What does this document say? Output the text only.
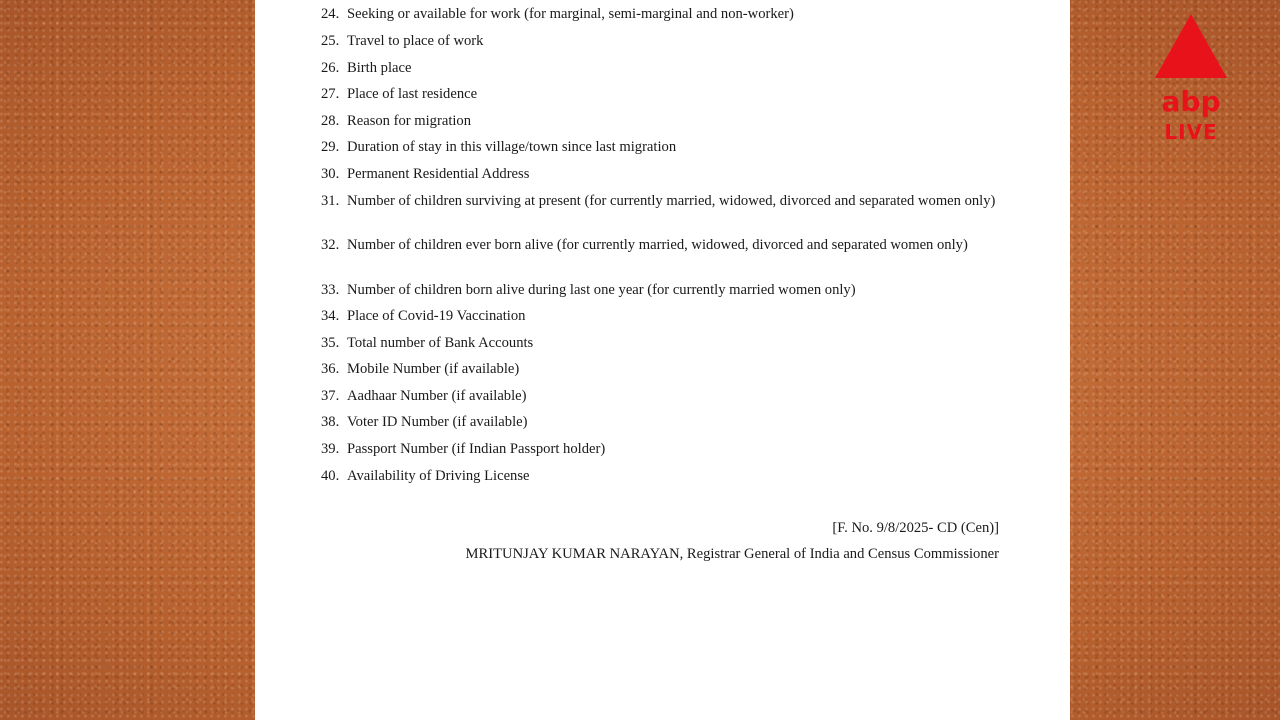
24. Seeking or available for work (for marginal, semi-marginal and non-worker)
25. Travel to place of work
26. Birth place
27. Place of last residence
28. Reason for migration
29. Duration of stay in this village/town since last migration
30. Permanent Residential Address
31. Number of children surviving at present (for currently married, widowed, divorced and separated women only)
32. Number of children ever born alive (for currently married, widowed, divorced and separated women only)
33. Number of children born alive during last one year (for currently married women only)
34. Place of Covid-19 Vaccination
35. Total number of Bank Accounts
36. Mobile Number (if available)
37. Aadhaar Number (if available)
38. Voter ID Number (if available)
39. Passport Number (if Indian Passport holder)
40. Availability of Driving License
[F. No. 9/8/2025- CD (Cen)]
MRITUNJAY KUMAR NARAYAN, Registrar General of India and Census Commissioner
abp
LIVE
